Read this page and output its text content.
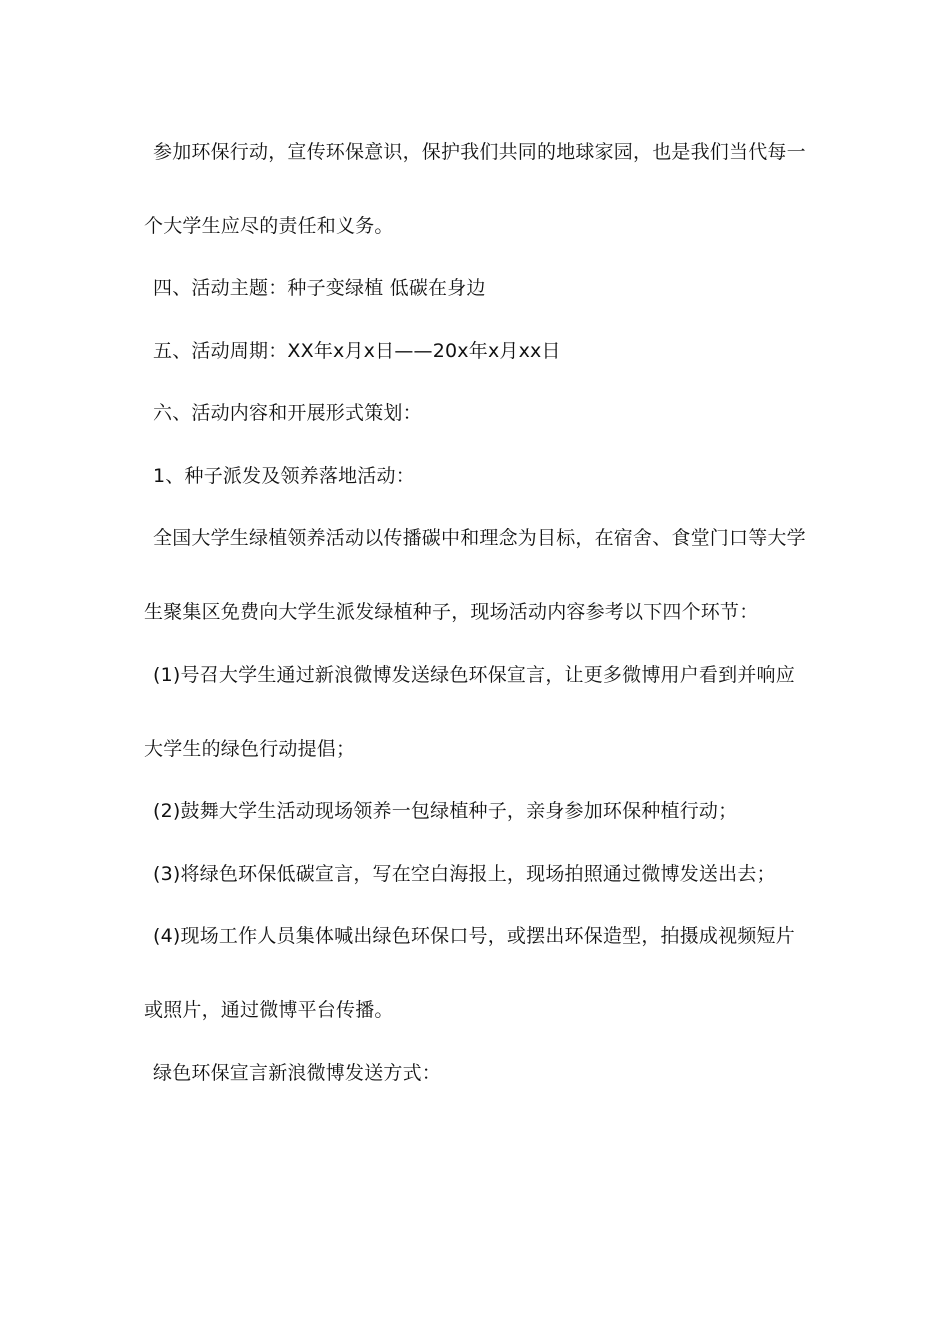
参加环保行动，宣传环保意识，保护我们共同的地球家园，也是我们当代每一
个大学生应尽的责任和义务。
四、活动主题：种子变绿植 低碳在身边
五、活动周期：XX年x月x日——20x年x月xx日
六、活动内容和开展形式策划：
1、种子派发及领养落地活动：
全国大学生绿植领养活动以传播碳中和理念为目标，在宿舍、食堂门口等大学
生聚集区免费向大学生派发绿植种子，现场活动内容参考以下四个环节：
(1)号召大学生通过新浪微博发送绿色环保宣言，让更多微博用户看到并响应
大学生的绿色行动提倡；
(2)鼓舞大学生活动现场领养一包绿植种子，亲身参加环保种植行动；
(3)将绿色环保低碳宣言，写在空白海报上，现场拍照通过微博发送出去；
(4)现场工作人员集体喊出绿色环保口号，或摆出环保造型，拍摄成视频短片
或照片，通过微博平台传播。
绿色环保宣言新浪微博发送方式：
